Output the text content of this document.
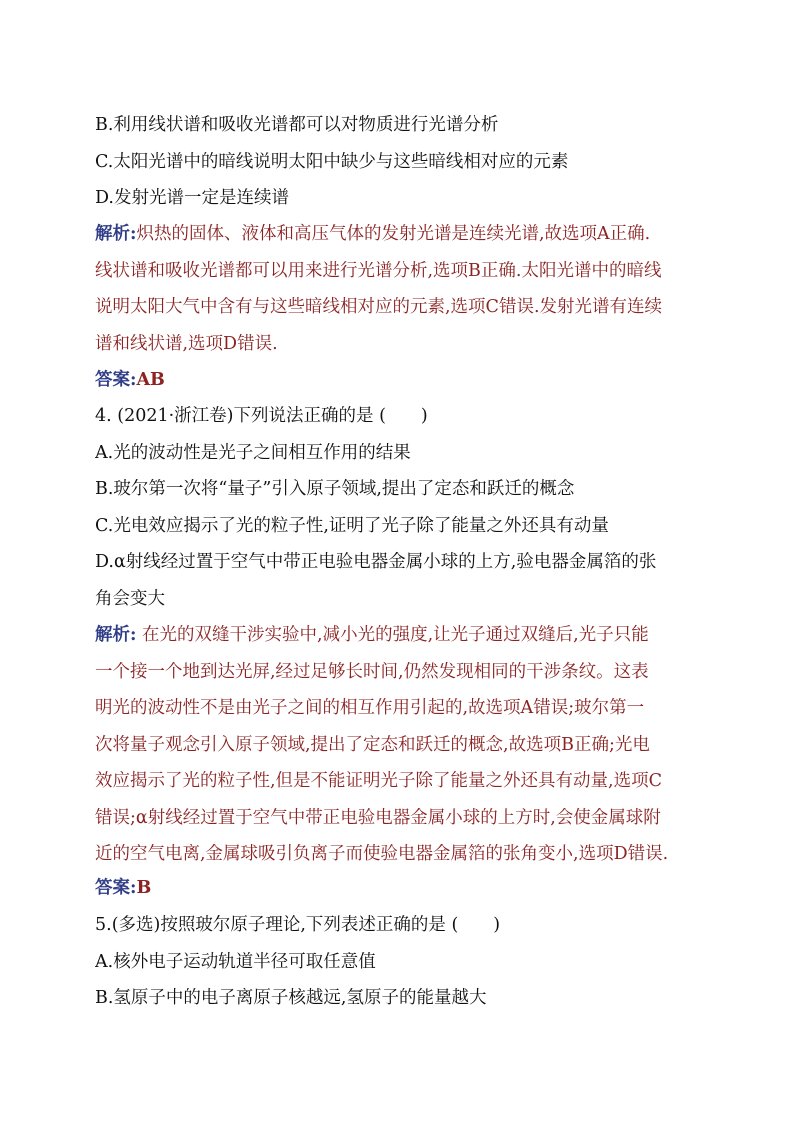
B.利用线状谱和吸收光谱都可以对物质进行光谱分析
C.太阳光谱中的暗线说明太阳中缺少与这些暗线相对应的元素
D.发射光谱一定是连续谱
解析:炽热的固体、液体和高压气体的发射光谱是连续光谱,故选项A正确.
线状谱和吸收光谱都可以用来进行光谱分析,选项B正确.太阳光谱中的暗线
说明太阳大气中含有与这些暗线相对应的元素,选项C错误.发射光谱有连续
谱和线状谱,选项D错误.
答案:AB
4. (2021·浙江卷)下列说法正确的是 (　　)
A.光的波动性是光子之间相互作用的结果
B.玻尔第一次将“量子”引入原子领域,提出了定态和跃迁的概念
C.光电效应揭示了光的粒子性,证明了光子除了能量之外还具有动量
D.α射线经过置于空气中带正电验电器金属小球的上方,验电器金属箔的张
角会变大
解析: 在光的双缝干涉实验中,减小光的强度,让光子通过双缝后,光子只能
一个接一个地到达光屏,经过足够长时间,仍然发现相同的干涉条纹。这表
明光的波动性不是由光子之间的相互作用引起的,故选项A错误;玻尔第一
次将量子观念引入原子领域,提出了定态和跃迁的概念,故选项B正确;光电
效应揭示了光的粒子性,但是不能证明光子除了能量之外还具有动量,选项C
错误;α射线经过置于空气中带正电验电器金属小球的上方时,会使金属球附
近的空气电离,金属球吸引负离子而使验电器金属箔的张角变小,选项D错误.
答案:B
5.(多选)按照玻尔原子理论,下列表述正确的是 (　　)
A.核外电子运动轨道半径可取任意值
B.氢原子中的电子离原子核越远,氢原子的能量越大
